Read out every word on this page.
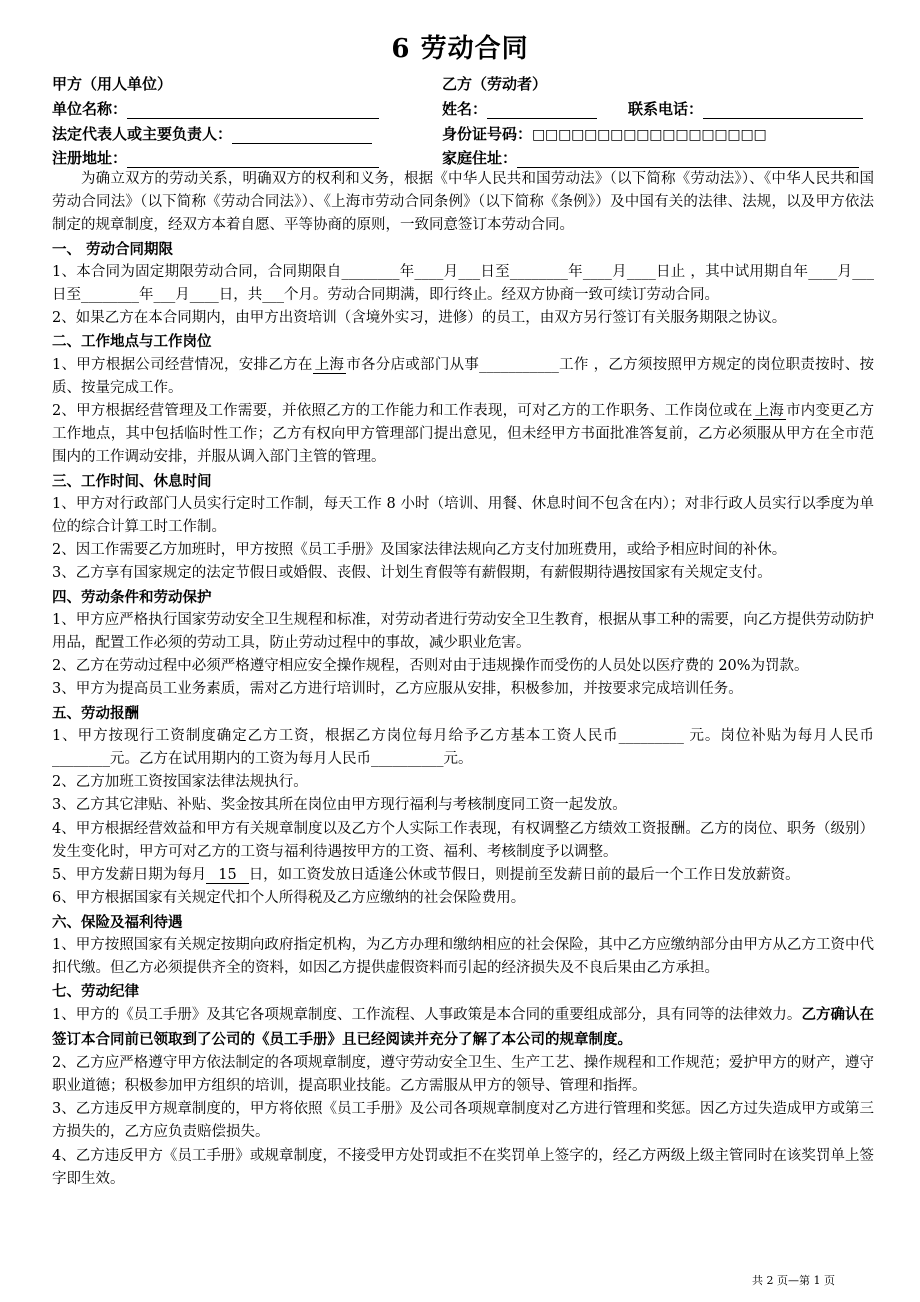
6 劳动合同
甲方（用人单位）
单位名称：
法定代表人或主要负责人：
注册地址：
乙方（劳动者）
姓名：	联系电话：
身份证号码：□□□□□□□□□□□□□□□□□□
家庭住址：

为确立双方的劳动关系，明确双方的权利和义务，根据《中华人民共和国劳动法》（以下简称《劳动法》）、《中华人民共和国劳动合同法》（以下简称《劳动合同法》）、《上海市劳动合同条例》（以下简称《条例》）及中国有关的法律、法规，以及甲方依法制定的规章制度，经双方本着自愿、平等协商的原则，一致同意签订本劳动合同。

一、 劳动合同期限

1、本合同为固定期限劳动合同，合同期限自________年____月___日至________年____月____日止 ，其中试用期自年____月___日至________年___月____日，共___个月。劳动合同期满，即行终止。经双方协商一致可续订劳动合同。

2、如果乙方在本合同期内，由甲方出资培训（含境外实习，进修）的员工，由双方另行签订有关服务期限之协议。

二、工作地点与工作岗位

1、甲方根据公司经营情况，安排乙方在 上海 市各分店或部门从事___________工作 ，乙方须按照甲方规定的岗位职责按时、按质、按量完成工作。

2、甲方根据经营管理及工作需要，并依照乙方的工作能力和工作表现，可对乙方的工作职务、工作岗位或在 上海 市内变更乙方工作地点，其中包括临时性工作；乙方有权向甲方管理部门提出意见，但未经甲方书面批准答复前，乙方必须服从甲方在全市范围内的工作调动安排，并服从调入部门主管的管理。

三、工作时间、休息时间

1、甲方对行政部门人员实行定时工作制，每天工作 8 小时（培训、用餐、休息时间不包含在内）；对非行政人员实行以季度为单位的综合计算工时工作制。

2、因工作需要乙方加班时，甲方按照《员工手册》及国家法律法规向乙方支付加班费用，或给予相应时间的补休。

3、乙方享有国家规定的法定节假日或婚假、丧假、计划生育假等有薪假期，有薪假期待遇按国家有关规定支付。

四、劳动条件和劳动保护

1、甲方应严格执行国家劳动安全卫生规程和标准，对劳动者进行劳动安全卫生教育，根据从事工种的需要，向乙方提供劳动防护用品，配置工作必须的劳动工具，防止劳动过程中的事故，减少职业危害。

2、乙方在劳动过程中必须严格遵守相应安全操作规程，否则对由于违规操作而受伤的人员处以医疗费的 20%为罚款。

3、甲方为提高员工业务素质，需对乙方进行培训时，乙方应服从安排，积极参加，并按要求完成培训任务。

五、劳动报酬

1、甲方按现行工资制度确定乙方工资，根据乙方岗位每月给予乙方基本工资人民币_________ 元。岗位补贴为每月人民币________元。乙方在试用期内的工资为每月人民币__________元。

2、乙方加班工资按国家法律法规执行。

3、乙方其它津贴、补贴、奖金按其所在岗位由甲方现行福利与考核制度同工资一起发放。

4、甲方根据经营效益和甲方有关规章制度以及乙方个人实际工作表现，有权调整乙方绩效工资报酬。乙方的岗位、职务（级别）发生变化时，甲方可对乙方的工资与福利待遇按甲方的工资、福利、考核制度予以调整。

5、甲方发薪日期为每月 15 日，如工资发放日适逢公休或节假日，则提前至发薪日前的最后一个工作日发放薪资。

6、甲方根据国家有关规定代扣个人所得税及乙方应缴纳的社会保险费用。

六、保险及福利待遇

1、甲方按照国家有关规定按期向政府指定机构，为乙方办理和缴纳相应的社会保险，其中乙方应缴纳部分由甲方从乙方工资中代扣代缴。但乙方必须提供齐全的资料，如因乙方提供虚假资料而引起的经济损失及不良后果由乙方承担。

七、劳动纪律

1、甲方的《员工手册》及其它各项规章制度、工作流程、人事政策是本合同的重要组成部分，具有同等的法律效力。乙方确认在签订本合同前已领取到了公司的《员工手册》且已经阅读并充分了解了本公司的规章制度。

2、乙方应严格遵守甲方依法制定的各项规章制度，遵守劳动安全卫生、生产工艺、操作规程和工作规范；爱护甲方的财产，遵守职业道德；积极参加甲方组织的培训，提高职业技能。乙方需服从甲方的领导、管理和指挥。

3、乙方违反甲方规章制度的，甲方将依照《员工手册》及公司各项规章制度对乙方进行管理和奖惩。因乙方过失造成甲方或第三方损失的，乙方应负责赔偿损失。

4、乙方违反甲方《员工手册》或规章制度，不接受甲方处罚或拒不在奖罚单上签字的，经乙方两级上级主管同时在该奖罚单上签字即生效。

共 2 页—第 1 页
